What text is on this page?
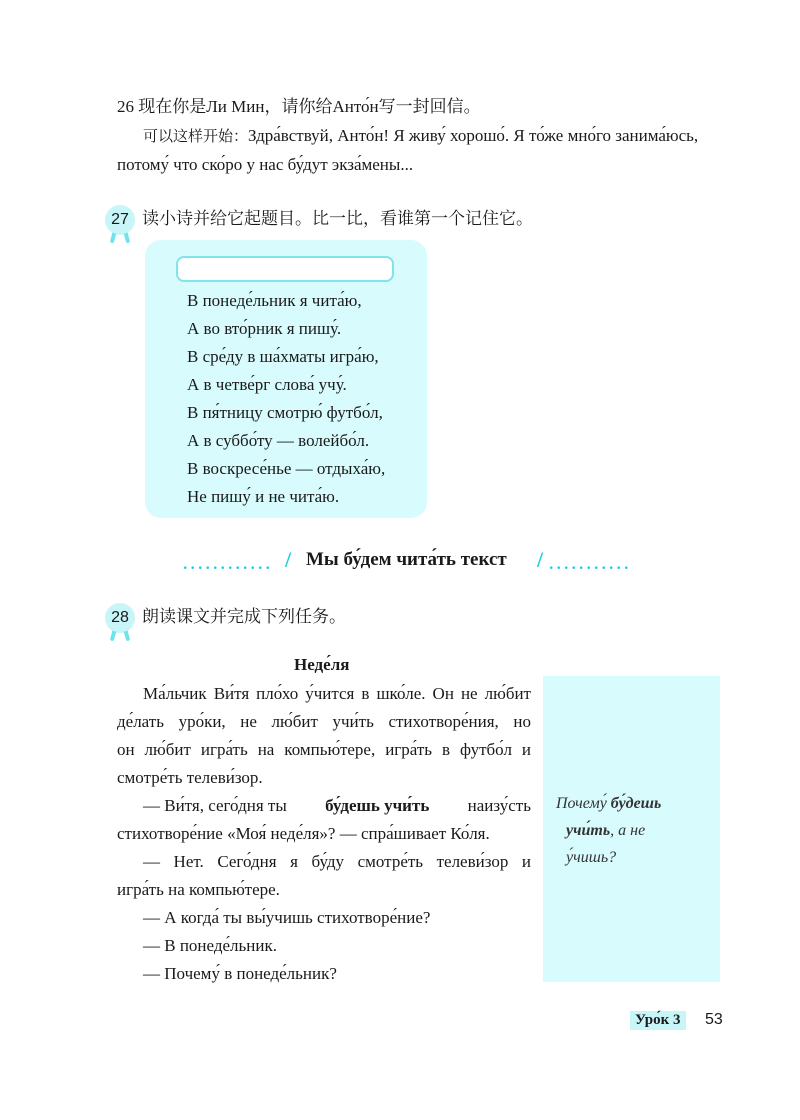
26 现在你是Ли Мин，请你给Анто́н写一封回信。
可以这样开始：Здра́вствуй, Анто́н! Я живу́ хорошо́. Я то́же мно́го занима́юсь,
потому́ что ско́ро у нас бу́дут экза́мены...
27 读小诗并给它起题目。比一比，看谁第一个记住它。
В понеде́льник я чита́ю,
А во вто́рник я пишу́.
В сре́ду в ша́хматы игра́ю,
А в четве́рг слова́ учу́.
В пя́тницу смотрю́ футбо́л,
А в суббо́ту — волейбо́л.
В воскресе́нье — отдыха́ю,
Не пишу́ и не чита́ю.
............ / Мы бу́дем чита́ть текст / ...........
28 朗读课文并完成下列任务。
Неде́ля
Ма́льчик Ви́тя пло́хо у́чится в шко́ле. Он не лю́бит
де́лать уро́ки, не лю́бит учи́ть стихотворе́ния, но
он лю́бит игра́ть на компью́тере, игра́ть в футбо́л и
смотре́ть телеви́зор.
— Ви́тя, сего́дня ты бу́дешь учи́ть наизу́сть
стихотворе́ние «Моя́ неде́ля»? — спра́шивает Ко́ля.
— Нет. Сего́дня я бу́ду смотре́ть телеви́зор и
игра́ть на компью́тере.
— А когда́ ты вы́учишь стихотворе́ние?
— В понеде́льник.
— Почему́ в понеде́льник?
Почему́ бу́дешь
учи́ть, а не
у́чишь?
Уро́к 3	53
